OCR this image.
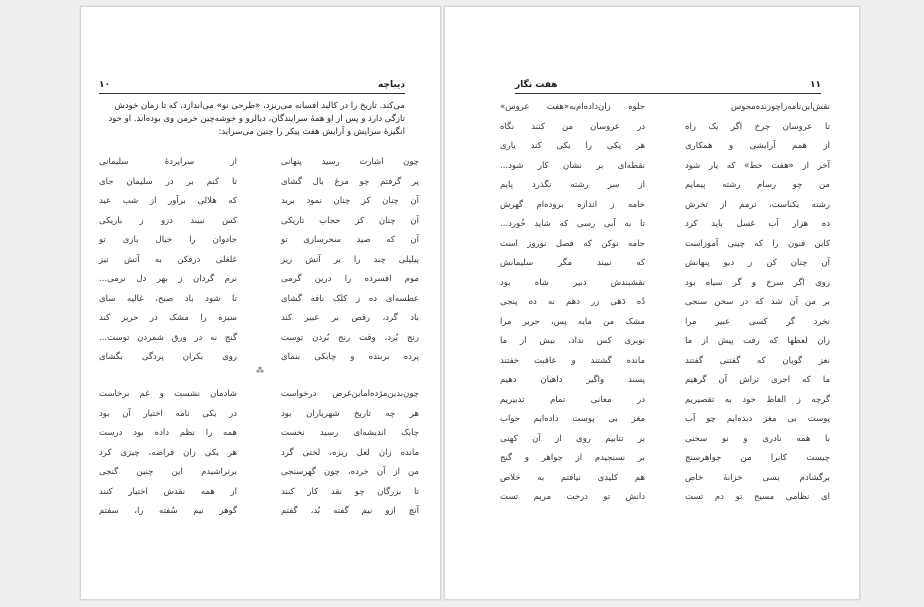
دیباچه
۱۰
می‌کند. تاریخ را در کالبد افسانه می‌ریزد، «طرحی نو» می‌اندازد، که تا زمان خودش تازگی دارد و پس از او همهٔ سرایندگان، دیالرو و خوشه‌چین خرمن وی بوده‌اند. او خود انگیزهٔ سرایش و آرایش هفت پیکر را چنین می‌سراید:
چون اشارت رسید پنهانی
از سراپرده‌ٔ سلیمانی
پر گرفتم چو مرغ بال گشای
تا کنم بر در سلیمان جای
آن چنان کز چنان نمود برید
که هلالی برآور از شب عید
آن چنان کز حجاب تاریکی
کس نبیند دزو ز باریکی
آن که صید سحرسازی تو
جادوان را خیال بازی تو
پیلیلی چند را بر آتش ریز
غلغلی درفکن به آتش تیز
موم افسرده را درین گرمی
نرم گردان ز بهر دل نرمی...
عطسه‌ای ده ز کلک نافه گشای
تا شود باد صبح، غالیه سای
باد گرد، رقص بر عبیر کند
سبزه را مشک در حریر کند
رنج بُرد، وقت رنج بُردن توست
گنج نه در ورق شمردن توست...
پرده بربنده و چابکی بنمای
روی بکران پردگی بگشای
⁂
چون‌بدین‌مژده‌اماین‌غرض درخواست
شادمان نشست و غم برخاست
هر چه تاریخ شهریاران بود
در یکی نامه اختیار آن بود
چابک اندیشه‌ای رسید نخست
همه را نظم داده بود درست
مانده زان لعل ریزه، لختی گرد
هر یکی زان قراضه، چیزی کرد
من از آن خرده، چون گهرسنجی
برتراشیدم این‌ چنین گنجی
تا بزرگان چو نقد کار کنند
از همه نقدش اختیار کنند
آنچ ازو نیم گفته بُد، گفتم
گوهر نیم سُفته را، سفتم
هفت نگار	۱۱
نقش‌این‌نامه‌راچوزنده‌مجوس
جلوه زان‌داده‌ام‌به«هفت عروس»
تا عروسان چرخ اگر یک راه
در عروسان من کنند نگاه
از همم آرایشی و همکاری
هر یکی را یکی کند یاری
آخر از «هفت خط» که یار شود
نقطه‌ای بر نشان کار شود...
من چو رسام رشته پیمایم
از سر رشته نگذرد پایم
رشته یکناست، نرمم از تخرش
خامه ز اندازه بروده‌ام گهرش
ده هزار آب غسل باید کرد
تا به آبی رسی که شاید خُورد...
کاین فنون را که چینی آموزاست
جامه نوکن که فصل نوروز است
آن چنان کن ز دیو پنهانش
که نبیند مگر سلیمانش
روی اگر سرخ و گر سیاه بود
نقشبندش دبیر شاه بود
بر من آن شد که در سخن سنجی
دُه دَهی زر دهم نه ده پنجی
نخرد گر کسی عبیر مرا
مشک من مایه پس، حریر مرا
زان لعطها که رفت پیش از ما
نوبری کس نداد، بیش از ما
نغز گویان که گفتنی گفتند
مانده گشتند و عاقبت خفتند
ما که اجری تراش آن گرهیم
پسند واگیر داهیان دهیم
گرچه ز الفاظ خود به تقصیریم
در معانی تمام تدبیریم
پوست بی مغز دیده‌ایم چو آب
مغز بی پوست داده‌ایم جواب
با همه نادری و نو سخنی
بر تتابیم روی از آن کهنی
چیست کانرا من جواهرسنج
بر نسنجیدم از جواهر و گنج
برگشادم بسی خزانهٔ خاص
هم کلیدی نیافتم به خلاص
ای نظامی مسیح تو دم تست
دانش تو درخت مریم تست
